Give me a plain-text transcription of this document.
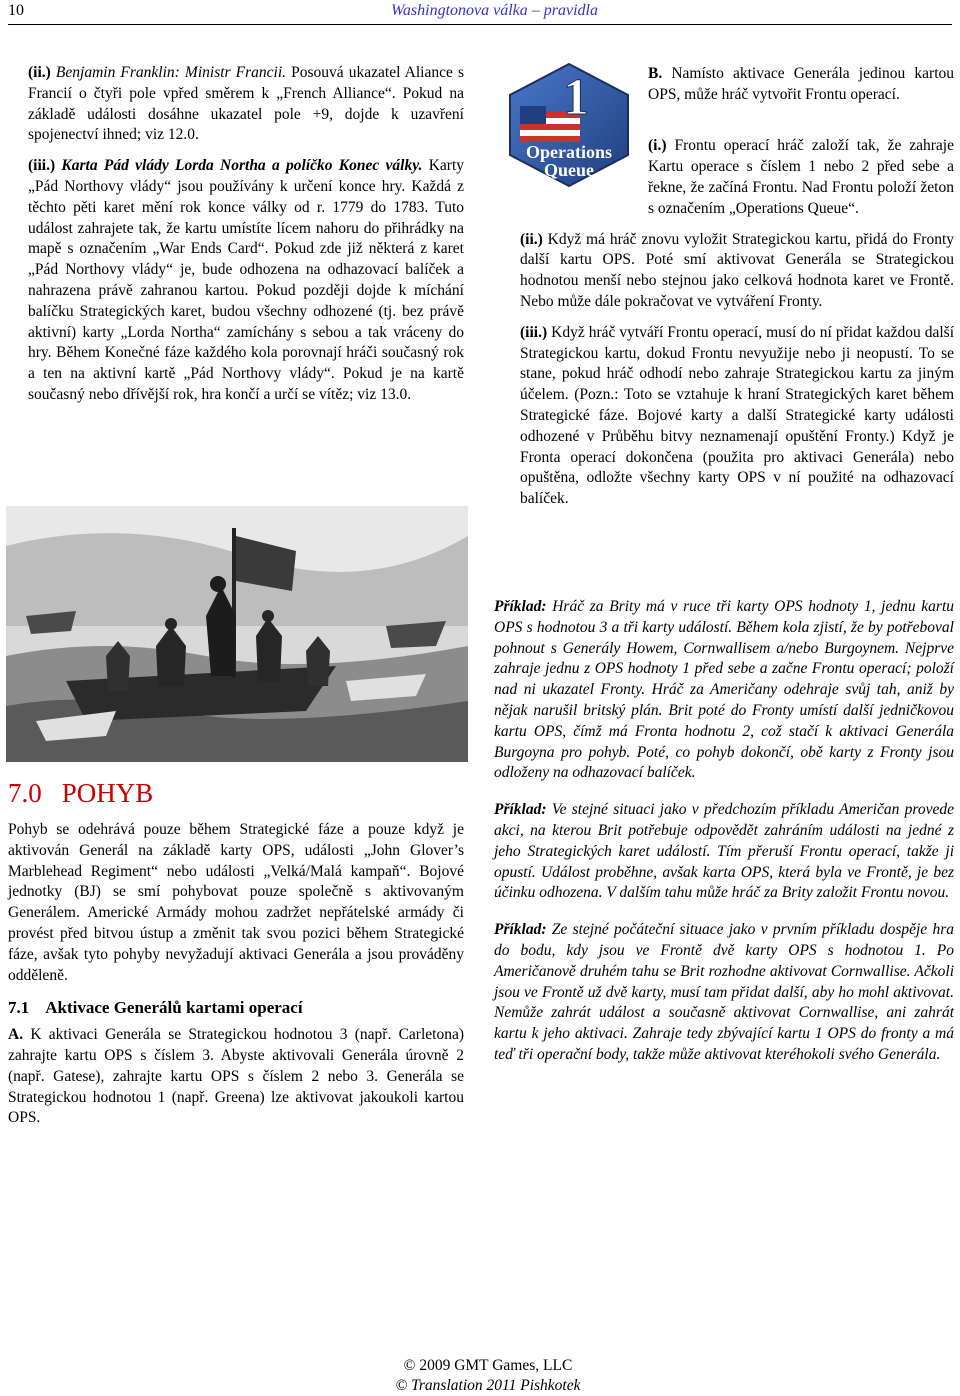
10	Washingtonova válka – pravidla

(ii.) Benjamin Franklin: Ministr Francii. Posouvá ukazatel Aliance s Francií o čtyři pole vpřed směrem k „French Alliance“. Pokud na základě události dosáhne ukazatel pole +9, dojde k uzavření spojenectví ihned; viz 12.0.

(iii.) Karta Pád vlády Lorda Northa a políčko Konec války. Karty „Pád Northovy vlády“ jsou používány k určení konce hry. Každá z těchto pěti karet mění rok konce války od r. 1779 do 1783. Tuto událost zahrajete tak, že kartu umístíte lícem nahoru do přihrádky na mapě s označením „War Ends Card“. Pokud zde již některá z karet „Pád Northovy vlády“ je, bude odhozena na odhazovací balíček a nahrazena právě zahranou kartou. Pokud později dojde k míchání balíčku Strategických karet, budou všechny odhozené (tj. bez právě aktivní) karty „Lorda Northa“ zamíchány s sebou a tak vráceny do hry. Během Konečné fáze každého kola porovnají hráči současný rok a ten na aktivní kartě „Pád Northovy vlády“. Pokud je na kartě současný nebo dřívější rok, hra končí a určí se vítěz; viz 13.0.

1
Operations
Queue
7.0 POHYB

Pohyb se odehrává pouze během Strategické fáze a pouze když je aktivován Generál na základě karty OPS, události „John Glover’s Marblehead Regiment“ nebo události „Velká/Malá kampaň“. Bojové jednotky (BJ) se smí pohybovat pouze společně s aktivovaným Generálem. Americké Armády mohou zadržet nepřátelské armády či provést před bitvou ústup a změnit tak svou pozici během Strategické fáze, avšak tyto pohyby nevyžadují aktivaci Generála a jsou prováděny odděleně.

7.1 Aktivace Generálů kartami operací

A. K aktivaci Generála se Strategickou hodnotou 3 (např. Carletona) zahrajte kartu OPS s číslem 3. Abyste aktivovali Generála úrovně 2 (např. Gatese), zahrajte kartu OPS s číslem 2 nebo 3. Generála se Strategickou hodnotou 1 (např. Greena) lze aktivovat jakoukoli kartou OPS.

B. Namísto aktivace Generála jedinou kartou OPS, může hráč vytvořit Frontu operací.

(i.) Frontu operací hráč založí tak, že zahraje Kartu operace s číslem 1 nebo 2 před sebe a řekne, že začíná Frontu. Nad Frontu položí žeton s označením „Operations Queue“.

(ii.) Když má hráč znovu vyložit Strategickou kartu, přidá do Fronty další kartu OPS. Poté smí aktivovat Generála se Strategickou hodnotou menší nebo stejnou jako celková hodnota karet ve Frontě. Nebo může dále pokračovat ve vytváření Fronty.

(iii.) Když hráč vytváří Frontu operací, musí do ní přidat každou další Strategickou kartu, dokud Frontu nevyužije nebo ji neopustí. To se stane, pokud hráč odhodí nebo zahraje Strategickou kartu za jiným účelem. (Pozn.: Toto se vztahuje k hraní Strategických karet během Strategické fáze. Bojové karty a další Strategické karty události odhozené v Průběhu bitvy neznamenají opuštění Fronty.) Když je Fronta operací dokončena (použita pro aktivaci Generála) nebo opuštěna, odložte všechny karty OPS v ní použité na odhazovací balíček.

Příklad: Hráč za Brity má v ruce tři karty OPS hodnoty 1, jednu kartu OPS s hodnotou 3 a tři karty událostí. Během kola zjistí, že by potřeboval pohnout s Generály Howem, Cornwallisem a/nebo Burgoynem. Nejprve zahraje jednu z OPS hodnoty 1 před sebe a začne Frontu operací; položí nad ni ukazatel Fronty. Hráč za Američany odehraje svůj tah, aniž by nějak narušil britský plán. Brit poté do Fronty umístí další jedničkovou kartu OPS, čímž má Fronta hodnotu 2, což stačí k aktivaci Generála Burgoyna pro pohyb. Poté, co pohyb dokončí, obě karty z Fronty jsou odloženy na odhazovací balíček.

Příklad: Ve stejné situaci jako v předchozím příkladu Američan provede akci, na kterou Brit potřebuje odpovědět zahráním události na jedné z jeho Strategických karet událostí. Tím přeruší Frontu operací, takže ji opustí. Událost proběhne, avšak karta OPS, která byla ve Frontě, je bez účinku odhozena. V dalším tahu může hráč za Brity založit Frontu novou.

Příklad: Ze stejné počáteční situace jako v prvním příkladu dospěje hra do bodu, kdy jsou ve Frontě dvě karty OPS s hodnotou 1. Po Američanově druhém tahu se Brit rozhodne aktivovat Cornwallise. Ačkoli jsou ve Frontě už dvě karty, musí tam přidat další, aby ho mohl aktivovat. Nemůže zahrát událost a současně aktivovat Cornwallise, ani zahrát kartu k jeho aktivaci. Zahraje tedy zbývající kartu 1 OPS do fronty a má teď tři operační body, takže může aktivovat kteréhokoli svého Generála.

© 2009 GMT Games, LLC
© Translation 2011 Pishkotek
